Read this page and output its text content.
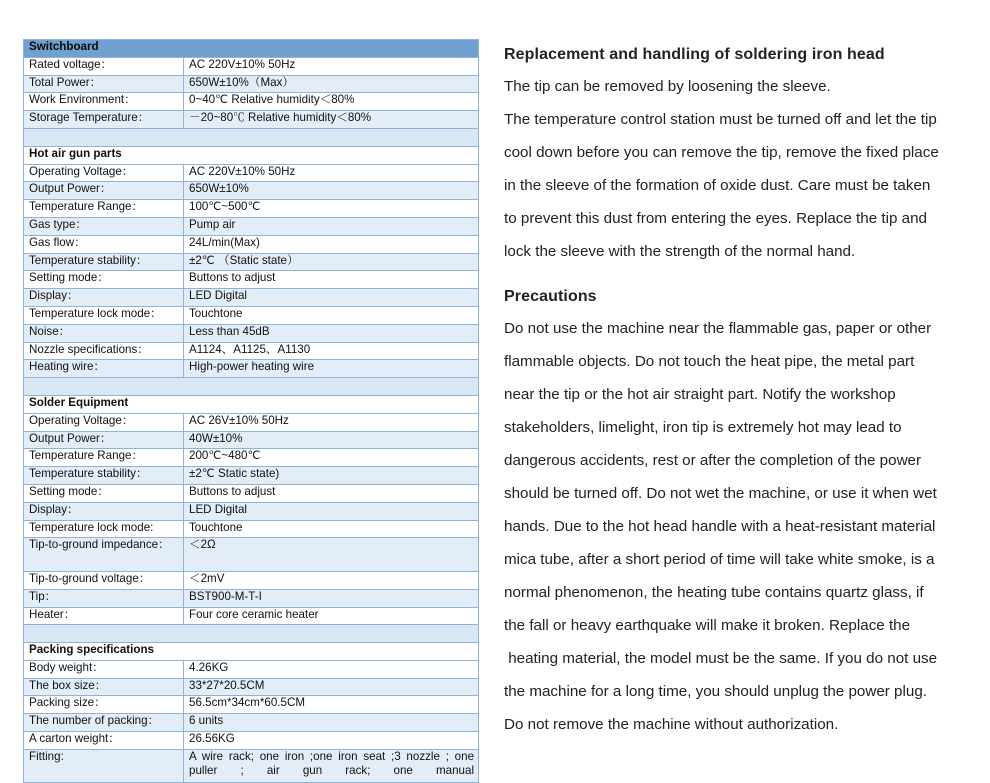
Switchboard	
Rated voltage：	AC 220V±10% 50Hz
Total Power：	650W±10%（Max）
Work Environment：	0~40℃ Relative humidity＜80%
Storage Temperature：	－20~80℃ Relative humidity＜80%

Hot air gun parts	
Operating Voltage：	AC 220V±10% 50Hz
Output Power：	650W±10%
Temperature Range：	100℃~500℃
Gas type：	Pump air
Gas flow：	24L/min(Max)
Temperature stability：	±2℃ （Static state）
Setting mode：	Buttons to adjust
Display：	LED Digital
Temperature lock mode：	Touchtone
Noise：	Less than 45dB
Nozzle specifications：	A1124、A1125、A1130
Heating wire：	High-power heating wire

Solder Equipment	
Operating Voltage：	AC 26V±10% 50Hz
Output Power：	40W±10%
Temperature Range：	200℃~480℃
Temperature stability：	±2℃ Static state)
Setting mode：	Buttons to adjust
Display：	LED Digital
Temperature lock mode:	Touchtone
Tip-to-ground impedance：	＜2Ω
Tip-to-ground voltage：	＜2mV
Tip：	BST900-M-T-I
Heater：	Four core ceramic heater

Packing specifications	
Body weight：	4.26KG
The box size：	33*27*20.5CM
Packing size：	56.5cm*34cm*60.5CM
The number of packing：	6 units
A carton weight：	26.56KG
Fitting:	A wire rack; one iron ;one iron seat ;3 nozzle ; one puller ; air gun rack; one manual
Replacement and handling of soldering iron head

The tip can be removed by loosening the sleeve.
The temperature control station must be turned off and let the tip
cool down before you can remove the tip, remove the fixed place
in the sleeve of the formation of oxide dust. Care must be taken
to prevent this dust from entering the eyes. Replace the tip and
lock the sleeve with the strength of the normal hand.

Precautions

Do not use the machine near the flammable gas, paper or other
flammable objects. Do not touch the heat pipe, the metal part
near the tip or the hot air straight part. Notify the workshop
stakeholders, limelight, iron tip is extremely hot may lead to
dangerous accidents, rest or after the completion of the power
should be turned off. Do not wet the machine, or use it when wet
hands. Due to the hot head handle with a heat-resistant material
mica tube, after a short period of time will take white smoke, is a
normal phenomenon, the heating tube contains quartz glass, if
the fall or heavy earthquake will make it broken. Replace the
heating material, the model must be the same. If you do not use
the machine for a long time, you should unplug the power plug.
Do not remove the machine without authorization.
